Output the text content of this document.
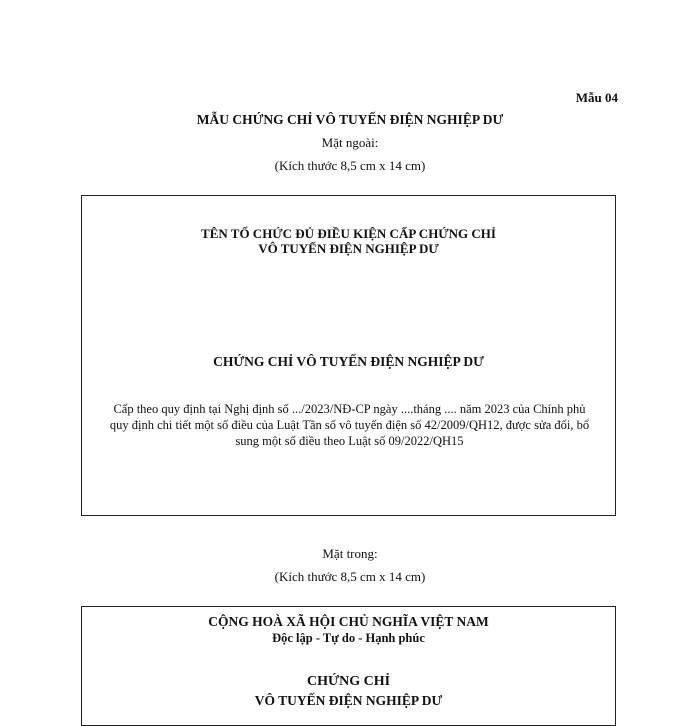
Mẫu 04
MẪU CHỨNG CHỈ VÔ TUYẾN ĐIỆN NGHIỆP DƯ
Mặt ngoài:
(Kích thước 8,5 cm x 14 cm)
TÊN TỔ CHỨC ĐỦ ĐIỀU KIỆN CẤP CHỨNG CHỈ
VÔ TUYẾN ĐIỆN NGHIỆP DƯ
CHỨNG CHỈ VÔ TUYẾN ĐIỆN NGHIỆP DƯ
Cấp theo quy định tại Nghị định số .../2023/NĐ-CP ngày ....tháng .... năm 2023 của Chính phủ
quy định chi tiết một số điều của Luật Tần số vô tuyến điện số 42/2009/QH12, được sửa đổi, bổ
sung một số điều theo Luật số 09/2022/QH15
Mặt trong:
(Kích thước 8,5 cm x 14 cm)
CỘNG HOÀ XÃ HỘI CHỦ NGHĨA VIỆT NAM
Độc lập - Tự do - Hạnh phúc
CHỨNG CHỈ
VÔ TUYẾN ĐIỆN NGHIỆP DƯ
